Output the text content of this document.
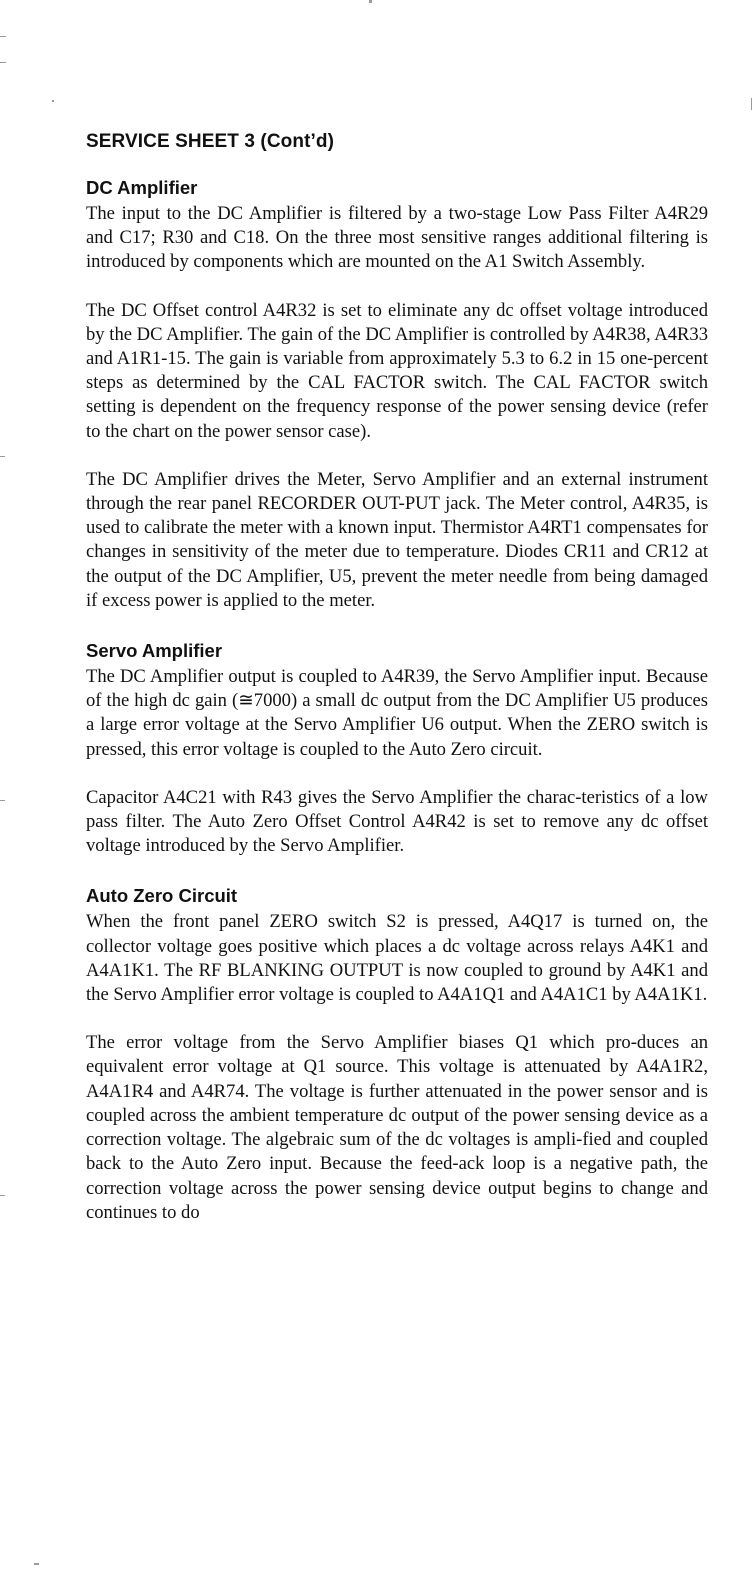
SERVICE SHEET 3 (Cont’d)
DC Amplifier

The input to the DC Amplifier is filtered by a two-stage Low Pass Filter A4R29 and C17; R30 and C18. On the three most sensitive ranges additional filtering is introduced by components which are mounted on the A1 Switch Assembly.

The DC Offset control A4R32 is set to eliminate any dc offset voltage introduced by the DC Amplifier. The gain of the DC Amplifier is controlled by A4R38, A4R33 and A1R1-15. The gain is variable from approximately 5.3 to 6.2 in 15 one-percent steps as determined by the CAL FACTOR switch. The CAL FACTOR switch setting is dependent on the frequency response of the power sensing device (refer to the chart on the power sensor case).

The DC Amplifier drives the Meter, Servo Amplifier and an external instrument through the rear panel RECORDER OUT-PUT jack. The Meter control, A4R35, is used to calibrate the meter with a known input. Thermistor A4RT1 compensates for changes in sensitivity of the meter due to temperature. Diodes CR11 and CR12 at the output of the DC Amplifier, U5, prevent the meter needle from being damaged if excess power is applied to the meter.

Servo Amplifier

The DC Amplifier output is coupled to A4R39, the Servo Amplifier input. Because of the high dc gain (≅7000) a small dc output from the DC Amplifier U5 produces a large error voltage at the Servo Amplifier U6 output. When the ZERO switch is pressed, this error voltage is coupled to the Auto Zero circuit.

Capacitor A4C21 with R43 gives the Servo Amplifier the charac-teristics of a low pass filter. The Auto Zero Offset Control A4R42 is set to remove any dc offset voltage introduced by the Servo Amplifier.

Auto Zero Circuit

When the front panel ZERO switch S2 is pressed, A4Q17 is turned on, the collector voltage goes positive which places a dc voltage across relays A4K1 and A4A1K1. The RF BLANKING OUTPUT is now coupled to ground by A4K1 and the Servo Amplifier error voltage is coupled to A4A1Q1 and A4A1C1 by A4A1K1.

The error voltage from the Servo Amplifier biases Q1 which pro-duces an equivalent error voltage at Q1 source. This voltage is attenuated by A4A1R2, A4A1R4 and A4R74. The voltage is further attenuated in the power sensor and is coupled across the ambient temperature dc output of the power sensing device as a correction voltage. The algebraic sum of the dc voltages is ampli-fied and coupled back to the Auto Zero input. Because the feed-ack loop is a negative path, the correction voltage across the power sensing device output begins to change and continues to do
